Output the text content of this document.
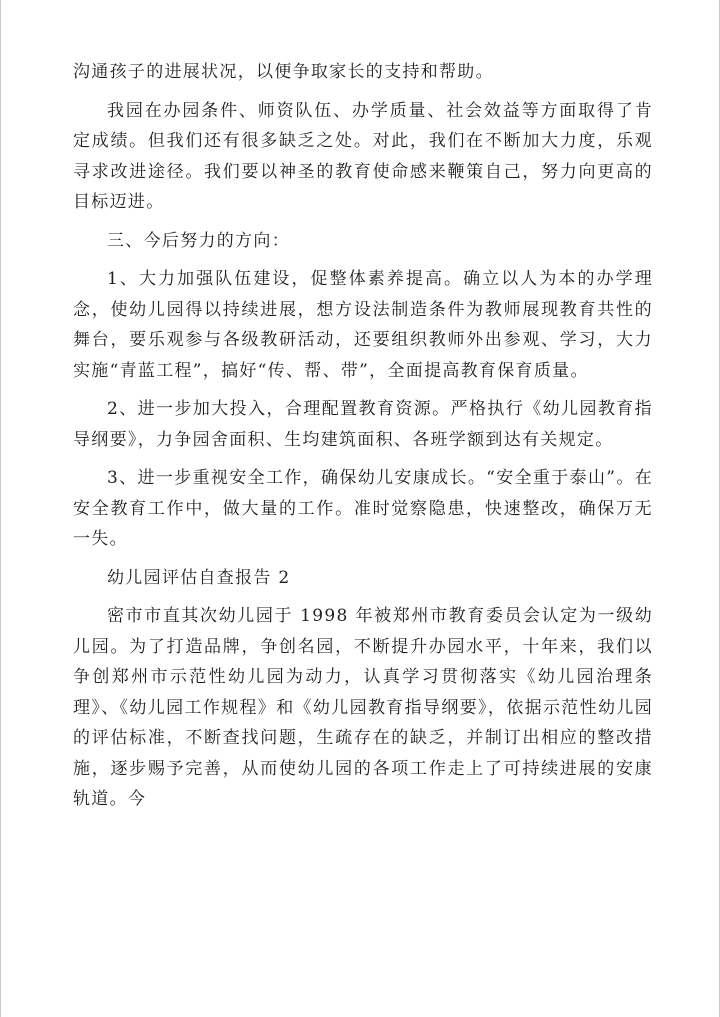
沟通孩子的进展状况，以便争取家长的支持和帮助。

我园在办园条件、师资队伍、办学质量、社会效益等方面取得了肯定成绩。但我们还有很多缺乏之处。对此，我们在不断加大力度，乐观寻求改进途径。我们要以神圣的教育使命感来鞭策自己，努力向更高的目标迈进。

三、今后努力的方向：

1、大力加强队伍建设，促整体素养提高。确立以人为本的办学理念，使幼儿园得以持续进展，想方设法制造条件为教师展现教育共性的舞台，要乐观参与各级教研活动，还要组织教师外出参观、学习，大力实施“青蓝工程”，搞好“传、帮、带”，全面提高教育保育质量。

2、进一步加大投入，合理配置教育资源。严格执行《幼儿园教育指导纲要》，力争园舍面积、生均建筑面积、各班学额到达有关规定。

3、进一步重视安全工作，确保幼儿安康成长。“安全重于泰山”。在安全教育工作中，做大量的工作。准时觉察隐患，快速整改，确保万无一失。

幼儿园评估自查报告 2

密市市直其次幼儿园于 1998 年被郑州市教育委员会认定为一级幼儿园。为了打造品牌，争创名园，不断提升办园水平，十年来，我们以争创郑州市示范性幼儿园为动力，认真学习贯彻落实《幼儿园治理条理》、《幼儿园工作规程》和《幼儿园教育指导纲要》，依据示范性幼儿园的评估标准，不断查找问题，生疏存在的缺乏，并制订出相应的整改措施，逐步赐予完善，从而使幼儿园的各项工作走上了可持续进展的安康轨道。今
